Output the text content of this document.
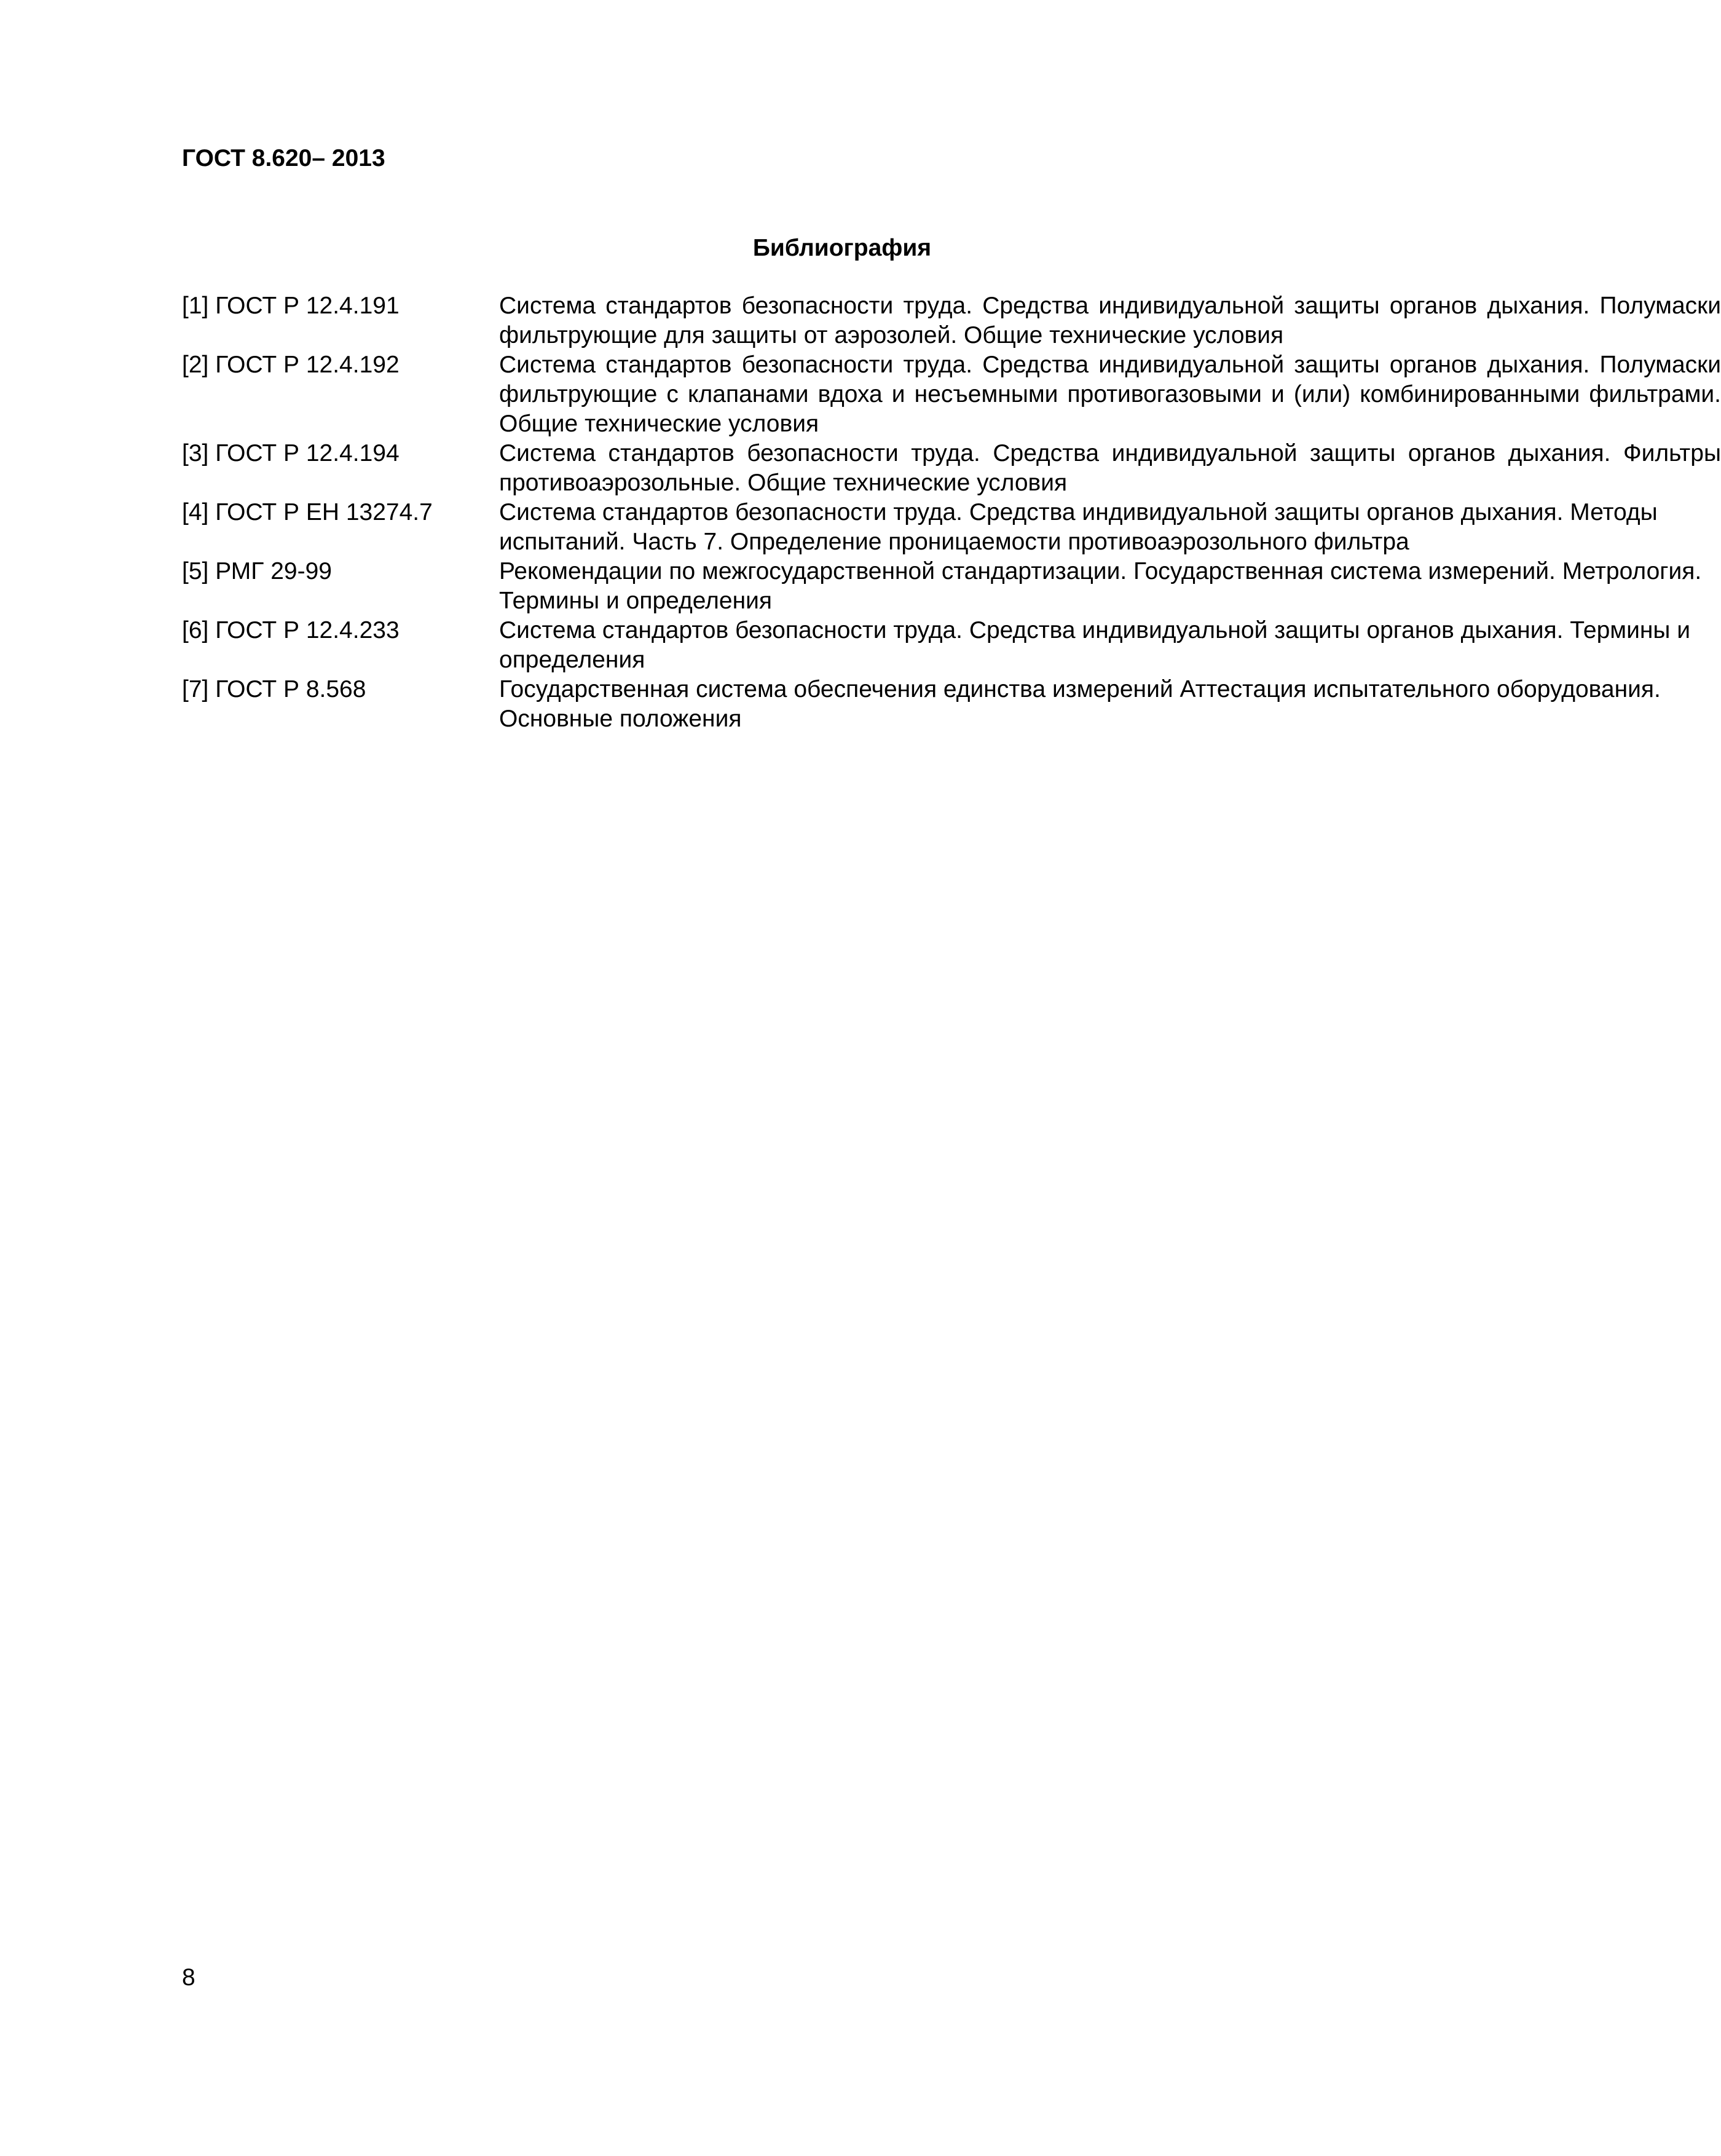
ГОСТ 8.620– 2013
Библиография
[1] ГОСТ Р 12.4.191	Система стандартов безопасности труда. Средства индивидуальной защиты органов дыхания. Полумаски фильтрующие для защиты от аэрозолей. Общие технические условия
[2] ГОСТ Р 12.4.192	Система стандартов безопасности труда. Средства индивидуальной защиты органов дыхания. Полумаски фильтрующие с клапанами вдоха и несъемными противогазовыми и (или) комбинированными фильтрами. Общие технические условия
[3] ГОСТ Р 12.4.194	Система стандартов безопасности труда. Средства индивидуальной защиты органов дыхания. Фильтры противоаэрозольные. Общие технические условия
[4] ГОСТ Р ЕН 13274.7	Система стандартов безопасности труда. Средства индивидуальной защиты органов дыхания. Методы испытаний. Часть 7. Определение проницаемости противоаэрозольного фильтра
[5] РМГ 29-99	Рекомендации по межгосударственной стандартизации. Государственная система измерений. Метрология. Термины и определения
[6] ГОСТ Р 12.4.233	Система стандартов безопасности труда. Средства индивидуальной защиты органов дыхания. Термины и определения
[7] ГОСТ Р 8.568	Государственная система обеспечения единства измерений Аттестация испытательного оборудования. Основные положения
8
